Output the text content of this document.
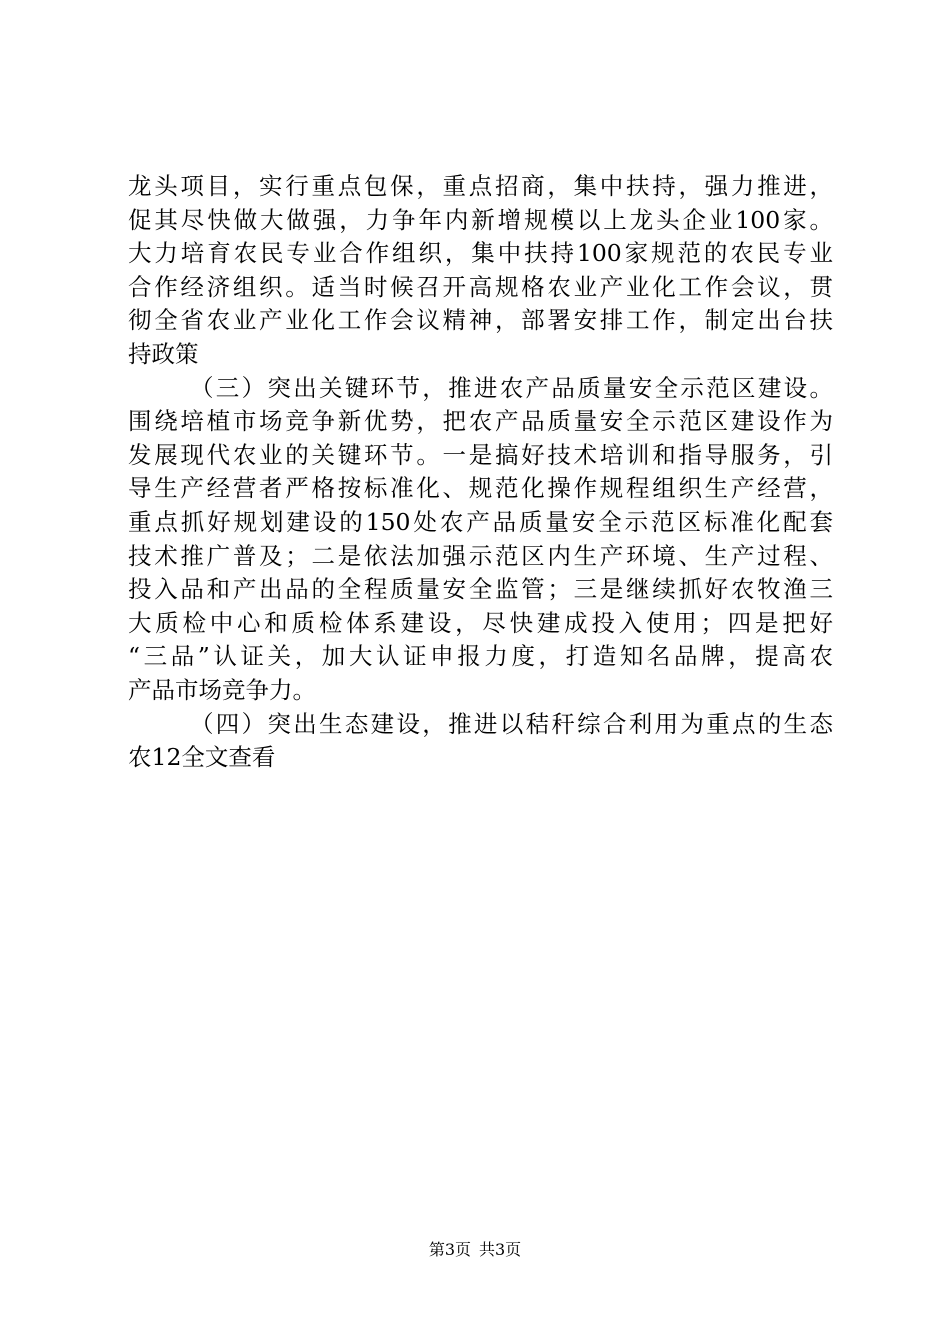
龙头项目，实行重点包保，重点招商，集中扶持，强力推进，
促其尽快做大做强，力争年内新增规模以上龙头企业100家。
大力培育农民专业合作组织，集中扶持100家规范的农民专业
合作经济组织。适当时候召开高规格农业产业化工作会议，贯
彻全省农业产业化工作会议精神，部署安排工作，制定出台扶
持政策
（三）突出关键环节，推进农产品质量安全示范区建设。
围绕培植市场竞争新优势，把农产品质量安全示范区建设作为
发展现代农业的关键环节。一是搞好技术培训和指导服务，引
导生产经营者严格按标准化、规范化操作规程组织生产经营，
重点抓好规划建设的150处农产品质量安全示范区标准化配套
技术推广普及；二是依法加强示范区内生产环境、生产过程、
投入品和产出品的全程质量安全监管；三是继续抓好农牧渔三
大质检中心和质检体系建设，尽快建成投入使用；四是把好
“三品”认证关，加大认证申报力度，打造知名品牌，提高农
产品市场竞争力。
（四）突出生态建设，推进以秸秆综合利用为重点的生态
农12全文查看
第3页 共3页
